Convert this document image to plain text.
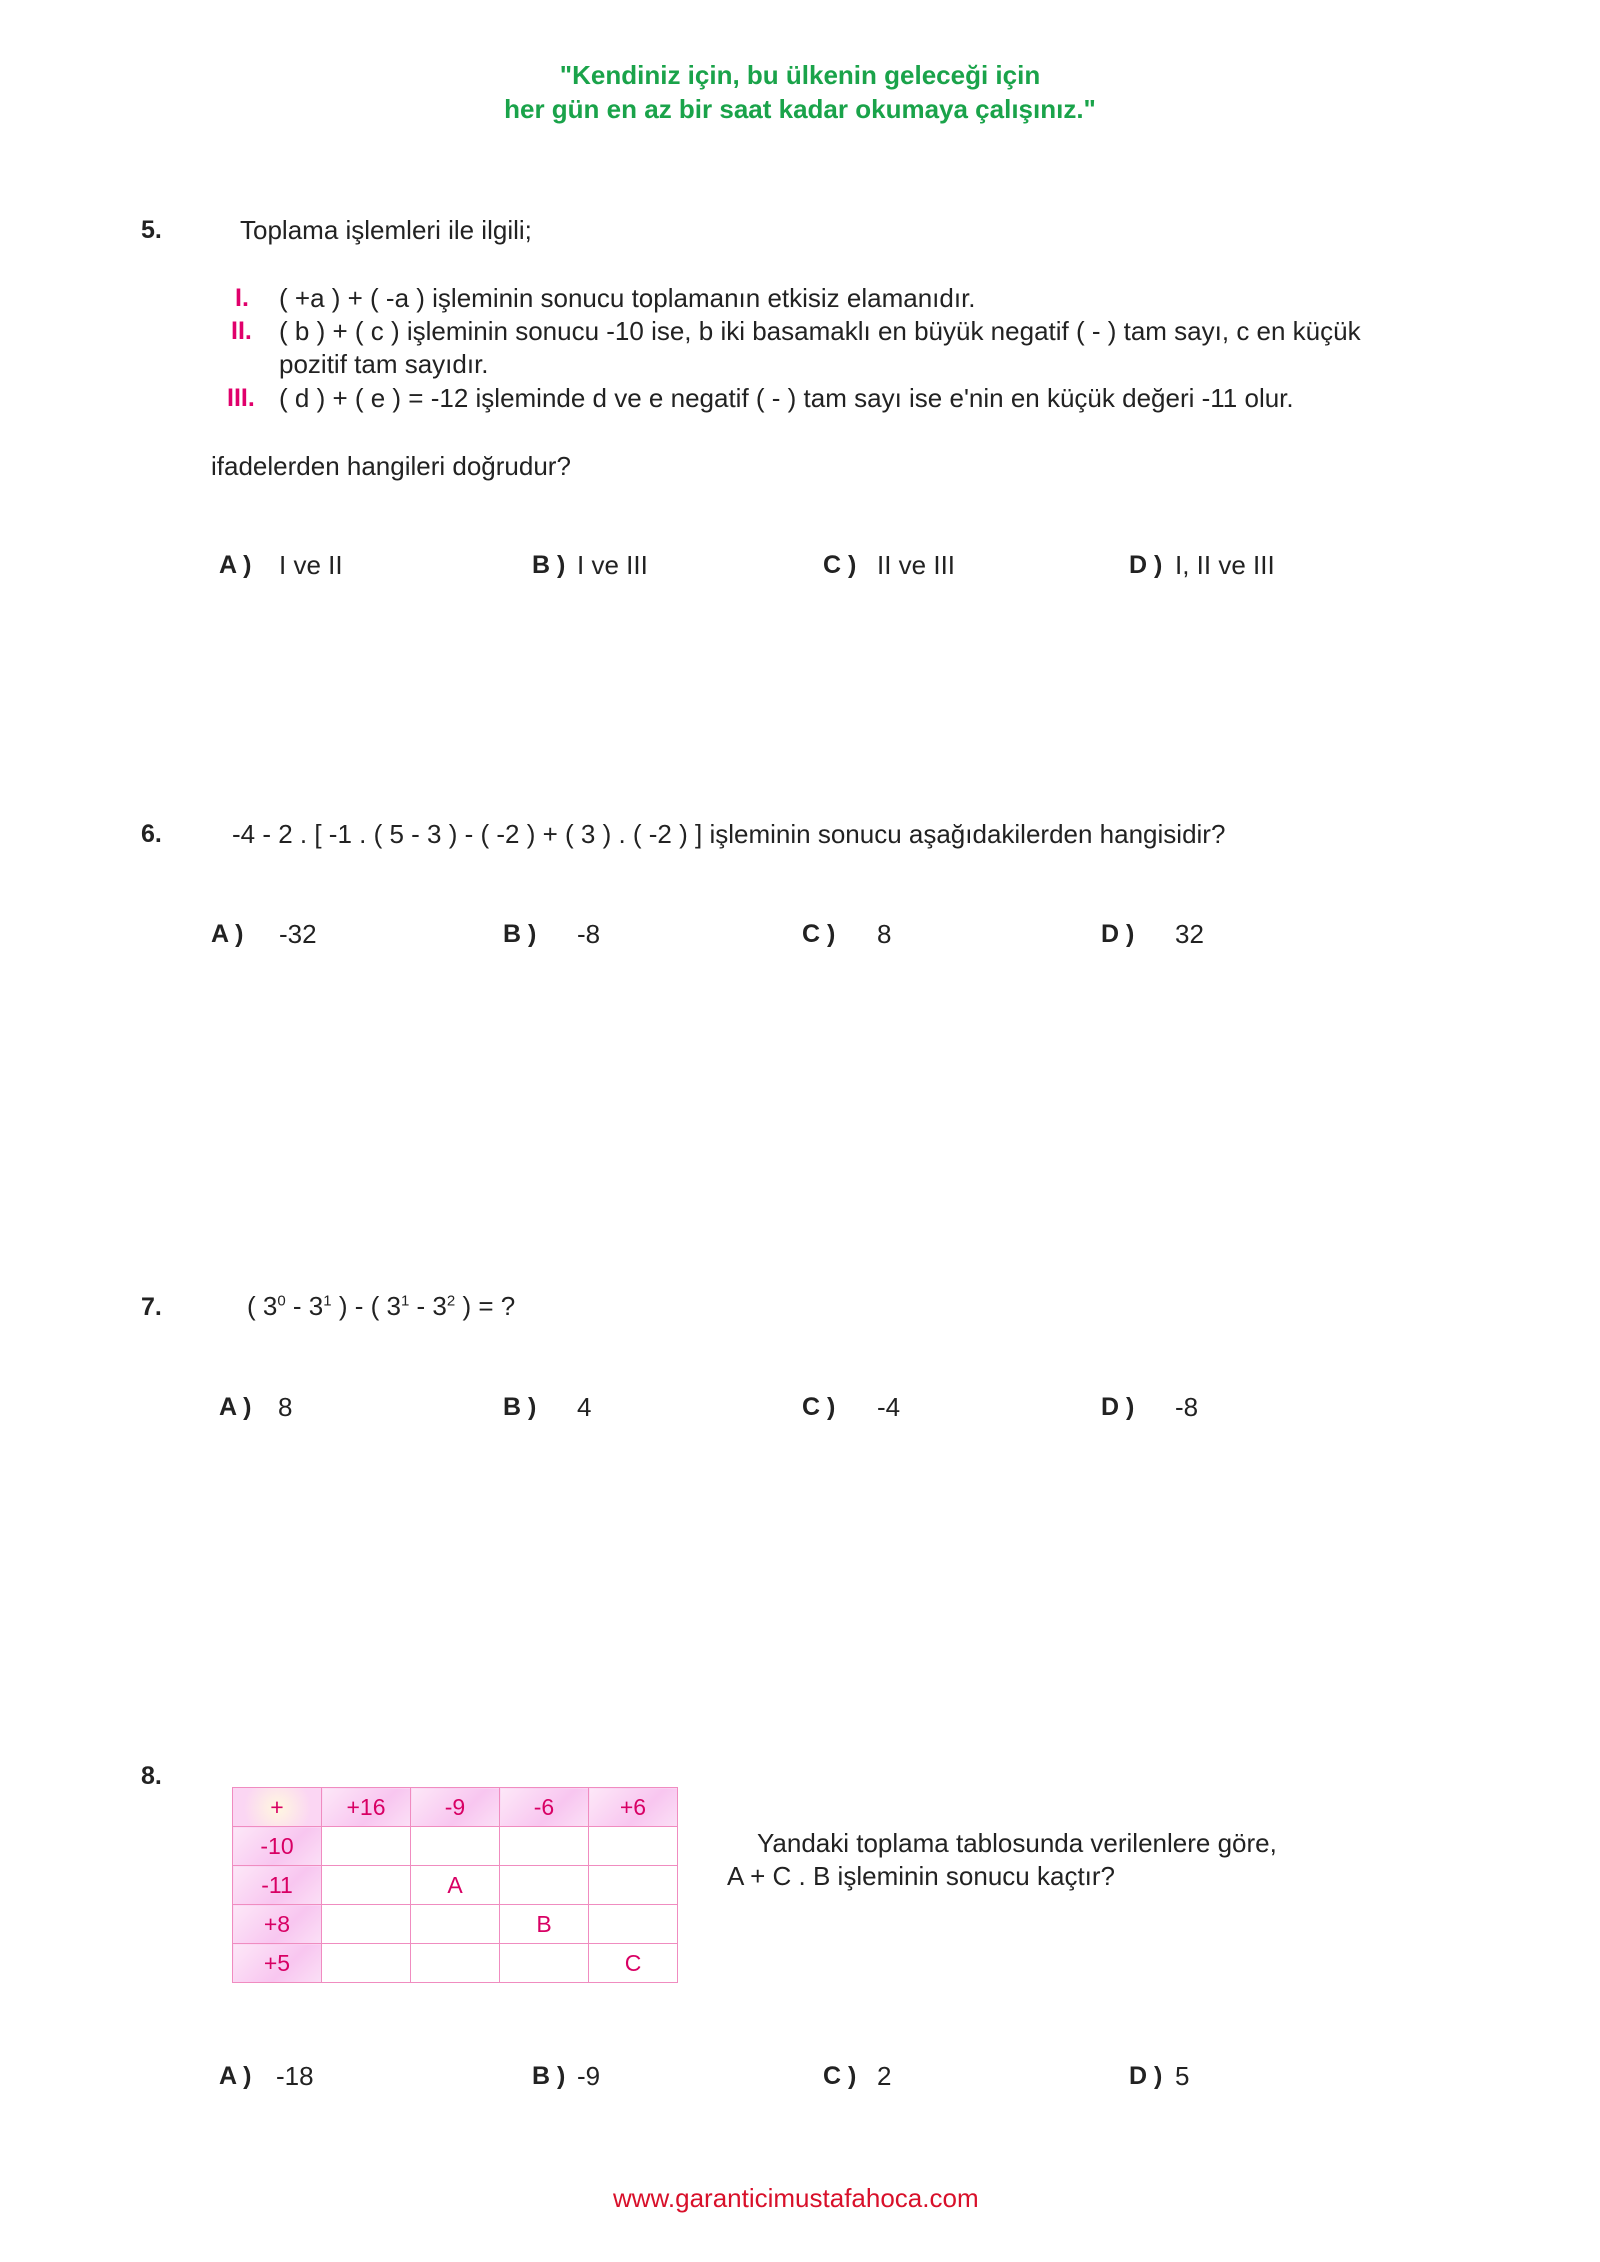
"Kendiniz için, bu ülkenin geleceği için
her gün en az bir saat kadar okumaya çalışınız."
5.	Toplama işlemleri ile ilgili;
I. ( +a ) + ( -a ) işleminin sonucu toplamanın etkisiz elamanıdır.
II. ( b ) + ( c ) işleminin sonucu -10 ise, b iki basamaklı en büyük negatif ( - ) tam sayı, c en küçük
pozitif tam sayıdır.
III. ( d ) + ( e ) = -12 işleminde d ve e negatif ( - ) tam sayı ise e'nin en küçük değeri -11 olur.
ifadelerden hangileri doğrudur?
A ) I ve II	B ) I ve III	C ) II ve III	D ) I, II ve III
6.	-4 - 2 . [ -1 . ( 5 - 3 ) - ( -2 ) + ( 3 ) . ( -2 ) ] işleminin sonucu aşağıdakilerden hangisidir?
A ) -32	B ) -8	C ) 8	D ) 32
7.	( $3^0 - 3^1$ ) - ( $3^1 - 3^2$ ) = ?
A ) 8	B ) 4	C ) -4	D ) -8
8.
+	+16	-9	-6	+6
-10				
-11		A		
+8			B	
+5				C
Yandaki toplama tablosunda verilenlere göre,
A + C . B işleminin sonucu kaçtır?
A ) -18	B ) -9	C ) 2	D ) 5
www.garanticimustafahoca.com
